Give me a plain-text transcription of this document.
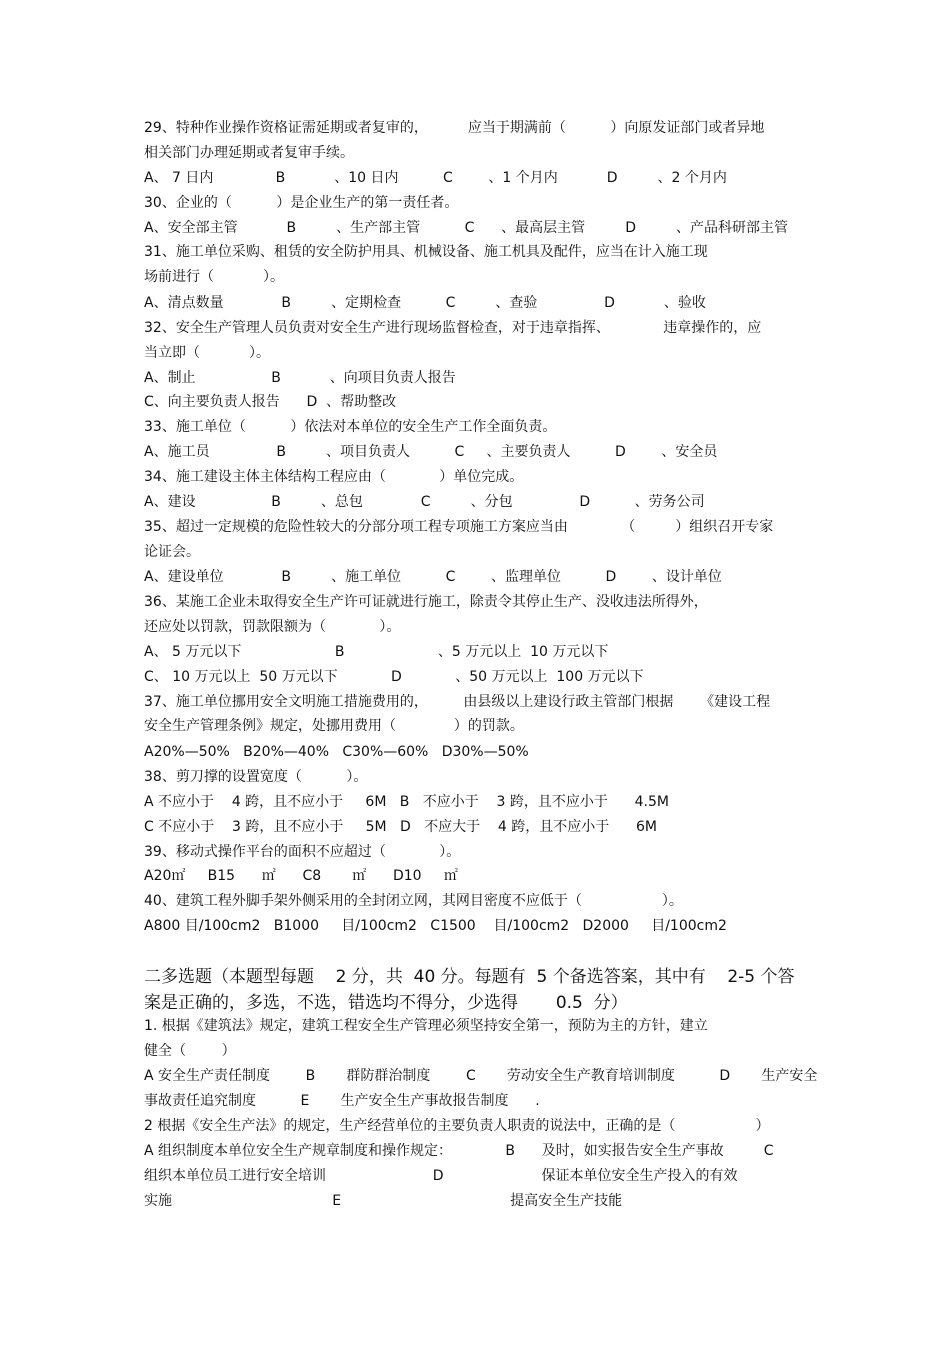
29、特种作业操作资格证需延期或者复审的，         应当于期满前（          ）向原发证部门或者异地
相关部门办理延期或者复审手续。
A、 7 日内              B           、10 日内          C        、1 个月内           D         、2 个月内
30、企业的（          ）是企业生产的第一责任者。
A、安全部主管           B         、生产部主管          C      、最高层主管         D         、产品科研部主管
31、施工单位采购、租赁的安全防护用具、机械设备、施工机具及配件，应当在计入施工现
场前进行（           ）。
A、清点数量             B         、定期检查          C         、查验               D           、验收
32、安全生产管理人员负责对安全生产进行现场监督检查，对于违章指挥、            违章操作的，应
当立即（           ）。
A、制止                 B           、向项目负责人报告
C、向主要负责人报告      D  、帮助整改
33、施工单位（          ）依法对本单位的安全生产工作全面负责。
A、施工员               B         、项目负责人          C     、主要负责人          D        、安全员
34、施工建设主体主体结构工程应由（            ）单位完成。
A、建设                 B         、总包             C         、分包               D          、劳务公司
35、超过一定规模的危险性较大的分部分项工程专项施工方案应当由            （         ）组织召开专家
论证会。
A、建设单位             B         、施工单位          C        、监理单位          D        、设计单位
36、某施工企业未取得安全生产许可证就进行施工，除责令其停止生产、没收违法所得外，
还应处以罚款，罚款限额为（            ）。
A、 5 万元以下                     B                     、5 万元以上  10 万元以下
C、 10 万元以上  50 万元以下            D            、50 万元以上  100 万元以下
37、施工单位挪用安全文明施工措施费用的，        由县级以上建设行政主管部门根据      《建设工程
安全生产管理条例》规定，处挪用费用（             ）的罚款。
A20%—50%   B20%—40%   C30%—60%   D30%—50%
38、剪刀撑的设置宽度（          ）。
A 不应小于    4 跨，且不应小于     6M   B   不应小于    3 跨，且不应小于      4.5M
C 不应小于    3 跨，且不应小于     5M   D   不应大于    4 跨，且不应小于      6M
39、移动式操作平台的面积不应超过（            ）。
A20㎡     B15      ㎡      C8       ㎡      D10     ㎡
40、建筑工程外脚手架外侧采用的全封闭立网，其网目密度不应低于（                  ）。
A800 目/100cm2   B1000     目/100cm2   C1500    目/100cm2   D2000     目/100cm2
二多选题（本题型每题    2 分，共  40 分。每题有  5 个备选答案，其中有    2-5 个答
案是正确的，多选，不选，错选均不得分，少选得       0.5  分）
1. 根据《建筑法》规定，建筑工程安全生产管理必须坚持安全第一，预防为主的方针，建立
健全（        ）
A 安全生产责任制度        B       群防群治制度        C       劳动安全生产教育培训制度          D       生产安全
事故责任追究制度          E       生产安全生产事故报告制度      .
2 根据《安全生产法》的规定，生产经营单位的主要负责人职责的说法中，正确的是（                  ）
A 组织制度本单位安全生产规章制度和操作规定：            B      及时，如实报告安全生产事故         C
组织本单位员工进行安全培训                        D                      保证本单位安全生产投入的有效
实施                                    E                                      提高安全生产技能
